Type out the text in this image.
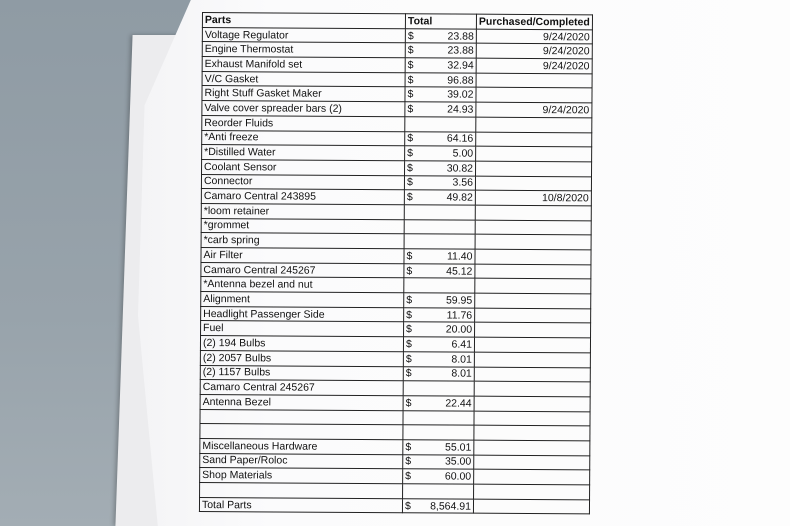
Parts	Total	Purchased/Completed
Voltage Regulator	$ 23.88	9/24/2020
Engine Thermostat	$ 23.88	9/24/2020
Exhaust Manifold set	$ 32.94	9/24/2020
V/C Gasket	$ 96.88	

Right Stuff Gasket Maker	$ 39.02	

Valve cover spreader bars (2)	$ 24.93	9/24/2020
Reorder Fluids	

*Anti freeze	$ 64.16	

*Distilled Water	$ 5.00	

Coolant Sensor	$ 30.82	

Connector	$ 3.56	

Camaro Central 243895	$ 49.82	10/8/2020
*loom retainer	

*grommet	

*carb spring	

Air Filter	$ 11.40	

Camaro Central 245267	$ 45.12	

*Antenna bezel and nut	

Alignment	$ 59.95	

Headlight Passenger Side	$ 11.76	

Fuel	$ 20.00	

(2) 194 Bulbs	$ 6.41	

(2) 2057 Bulbs	$ 8.01	

(2) 1157 Bulbs	$ 8.01	

Camaro Central 245267	

Antenna Bezel	$ 22.44	

Miscellaneous Hardware	$ 55.01	

Sand Paper/Roloc	$ 35.00	

Shop Materials	$ 60.00	

Total Parts	$ 8,564.91	
